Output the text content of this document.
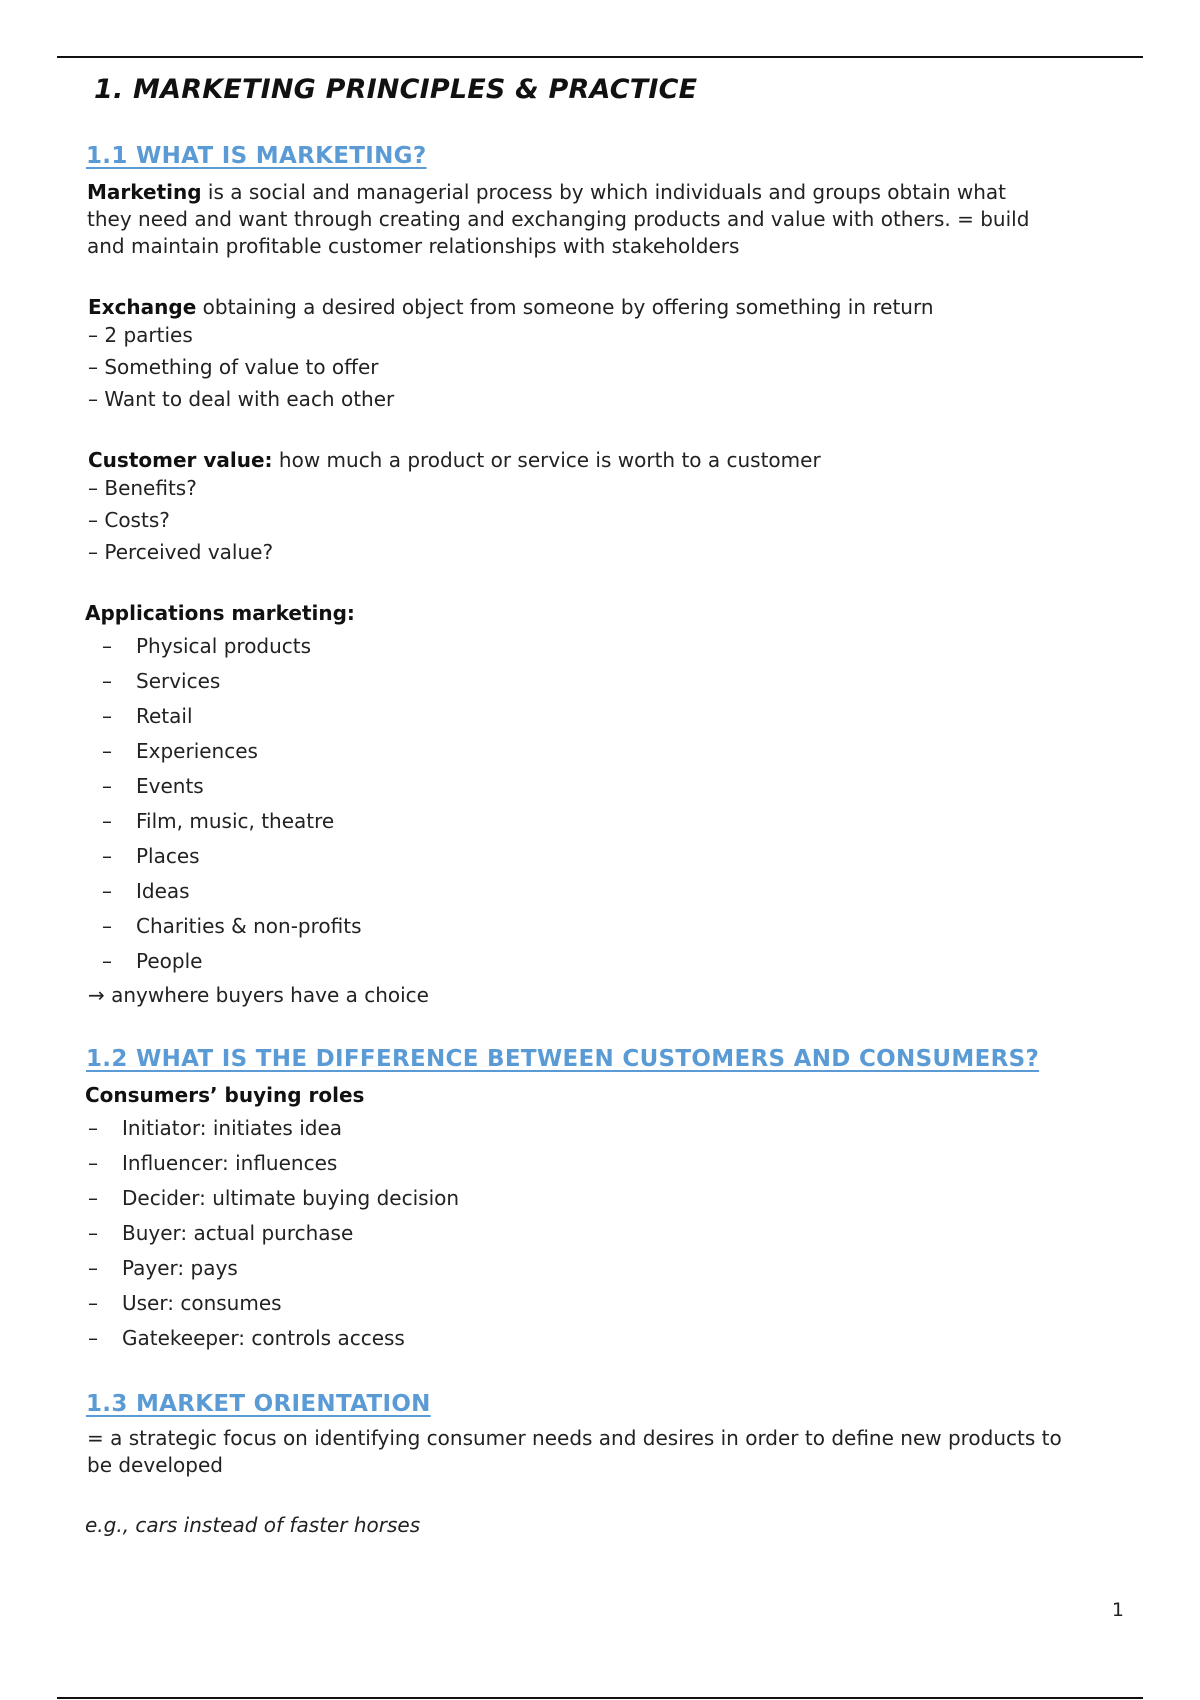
1. MARKETING PRINCIPLES & PRACTICE
1.1 WHAT IS MARKETING?

Marketing is a social and managerial process by which individuals and groups obtain what
they need and want through creating and exchanging products and value with others. = build
and maintain profitable customer relationships with stakeholders

Exchange obtaining a desired object from someone by offering something in return
– 2 parties
– Something of value to offer
– Want to deal with each other
Customer value: how much a product or service is worth to a customer
– Benefits?
– Costs?
– Perceived value?
Applications marketing:
– Physical products
– Services
– Retail
– Experiences
– Events
– Film, music, theatre
– Places
– Ideas
– Charities & non-profits
– People
→ anywhere buyers have a choice
1.2 WHAT IS THE DIFFERENCE BETWEEN CUSTOMERS AND CONSUMERS?
Consumers’ buying roles
– Initiator: initiates idea
– Influencer: influences
– Decider: ultimate buying decision
– Buyer: actual purchase
– Payer: pays
– User: consumes
– Gatekeeper: controls access
1.3 MARKET ORIENTATION

= a strategic focus on identifying consumer needs and desires in order to define new products to
be developed

e.g., cars instead of faster horses
1
